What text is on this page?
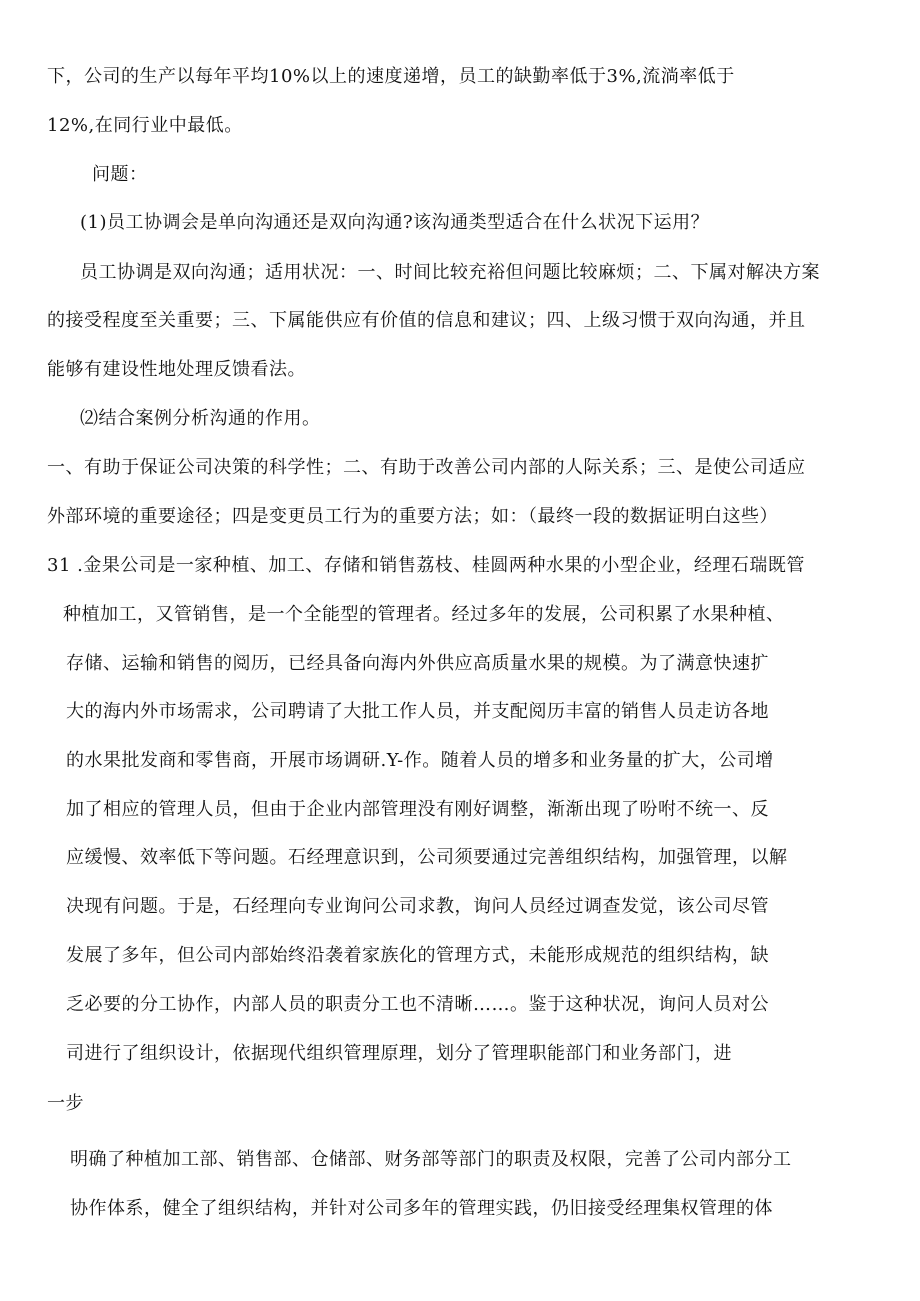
下，公司的生产以每年平均10%以上的速度递增，员工的缺勤率低于3%,流淌率低于
12%,在同行业中最低。
问题：
(1)员工协调会是单向沟通还是双向沟通?该沟通类型适合在什么状况下运用？
员工协调是双向沟通；适用状况：一、时间比较充裕但问题比较麻烦；二、下属对解决方案
的接受程度至关重要；三、下属能供应有价值的信息和建议；四、上级习惯于双向沟通，并且
能够有建设性地处理反馈看法。
⑵结合案例分析沟通的作用。
一、有助于保证公司决策的科学性；二、有助于改善公司内部的人际关系；三、是使公司适应
外部环境的重要途径；四是变更员工行为的重要方法；如：（最终一段的数据证明白这些）
31 .金果公司是一家种植、加工、存储和销售荔枝、桂圆两种水果的小型企业，经理石瑞既管
种植加工，又管销售，是一个全能型的管理者。经过多年的发展，公司积累了水果种植、
存储、运输和销售的阅历，已经具备向海内外供应高质量水果的规模。为了满意快速扩
大的海内外市场需求，公司聘请了大批工作人员，并支配阅历丰富的销售人员走访各地
的水果批发商和零售商，开展市场调研.Y-作。随着人员的增多和业务量的扩大，公司增
加了相应的管理人员，但由于企业内部管理没有刚好调整，渐渐出现了吩咐不统一、反
应缓慢、效率低下等问题。石经理意识到，公司须要通过完善组织结构，加强管理，以解
决现有问题。于是，石经理向专业询问公司求教，询问人员经过调查发觉，该公司尽管
发展了多年，但公司内部始终沿袭着家族化的管理方式，未能形成规范的组织结构，缺
乏必要的分工协作，内部人员的职责分工也不清晰……。鉴于这种状况，询问人员对公
司进行了组织设计，依据现代组织管理原理，划分了管理职能部门和业务部门，进
一步
明确了种植加工部、销售部、仓储部、财务部等部门的职责及权限，完善了公司内部分工
协作体系，健全了组织结构，并针对公司多年的管理实践，仍旧接受经理集权管理的体
